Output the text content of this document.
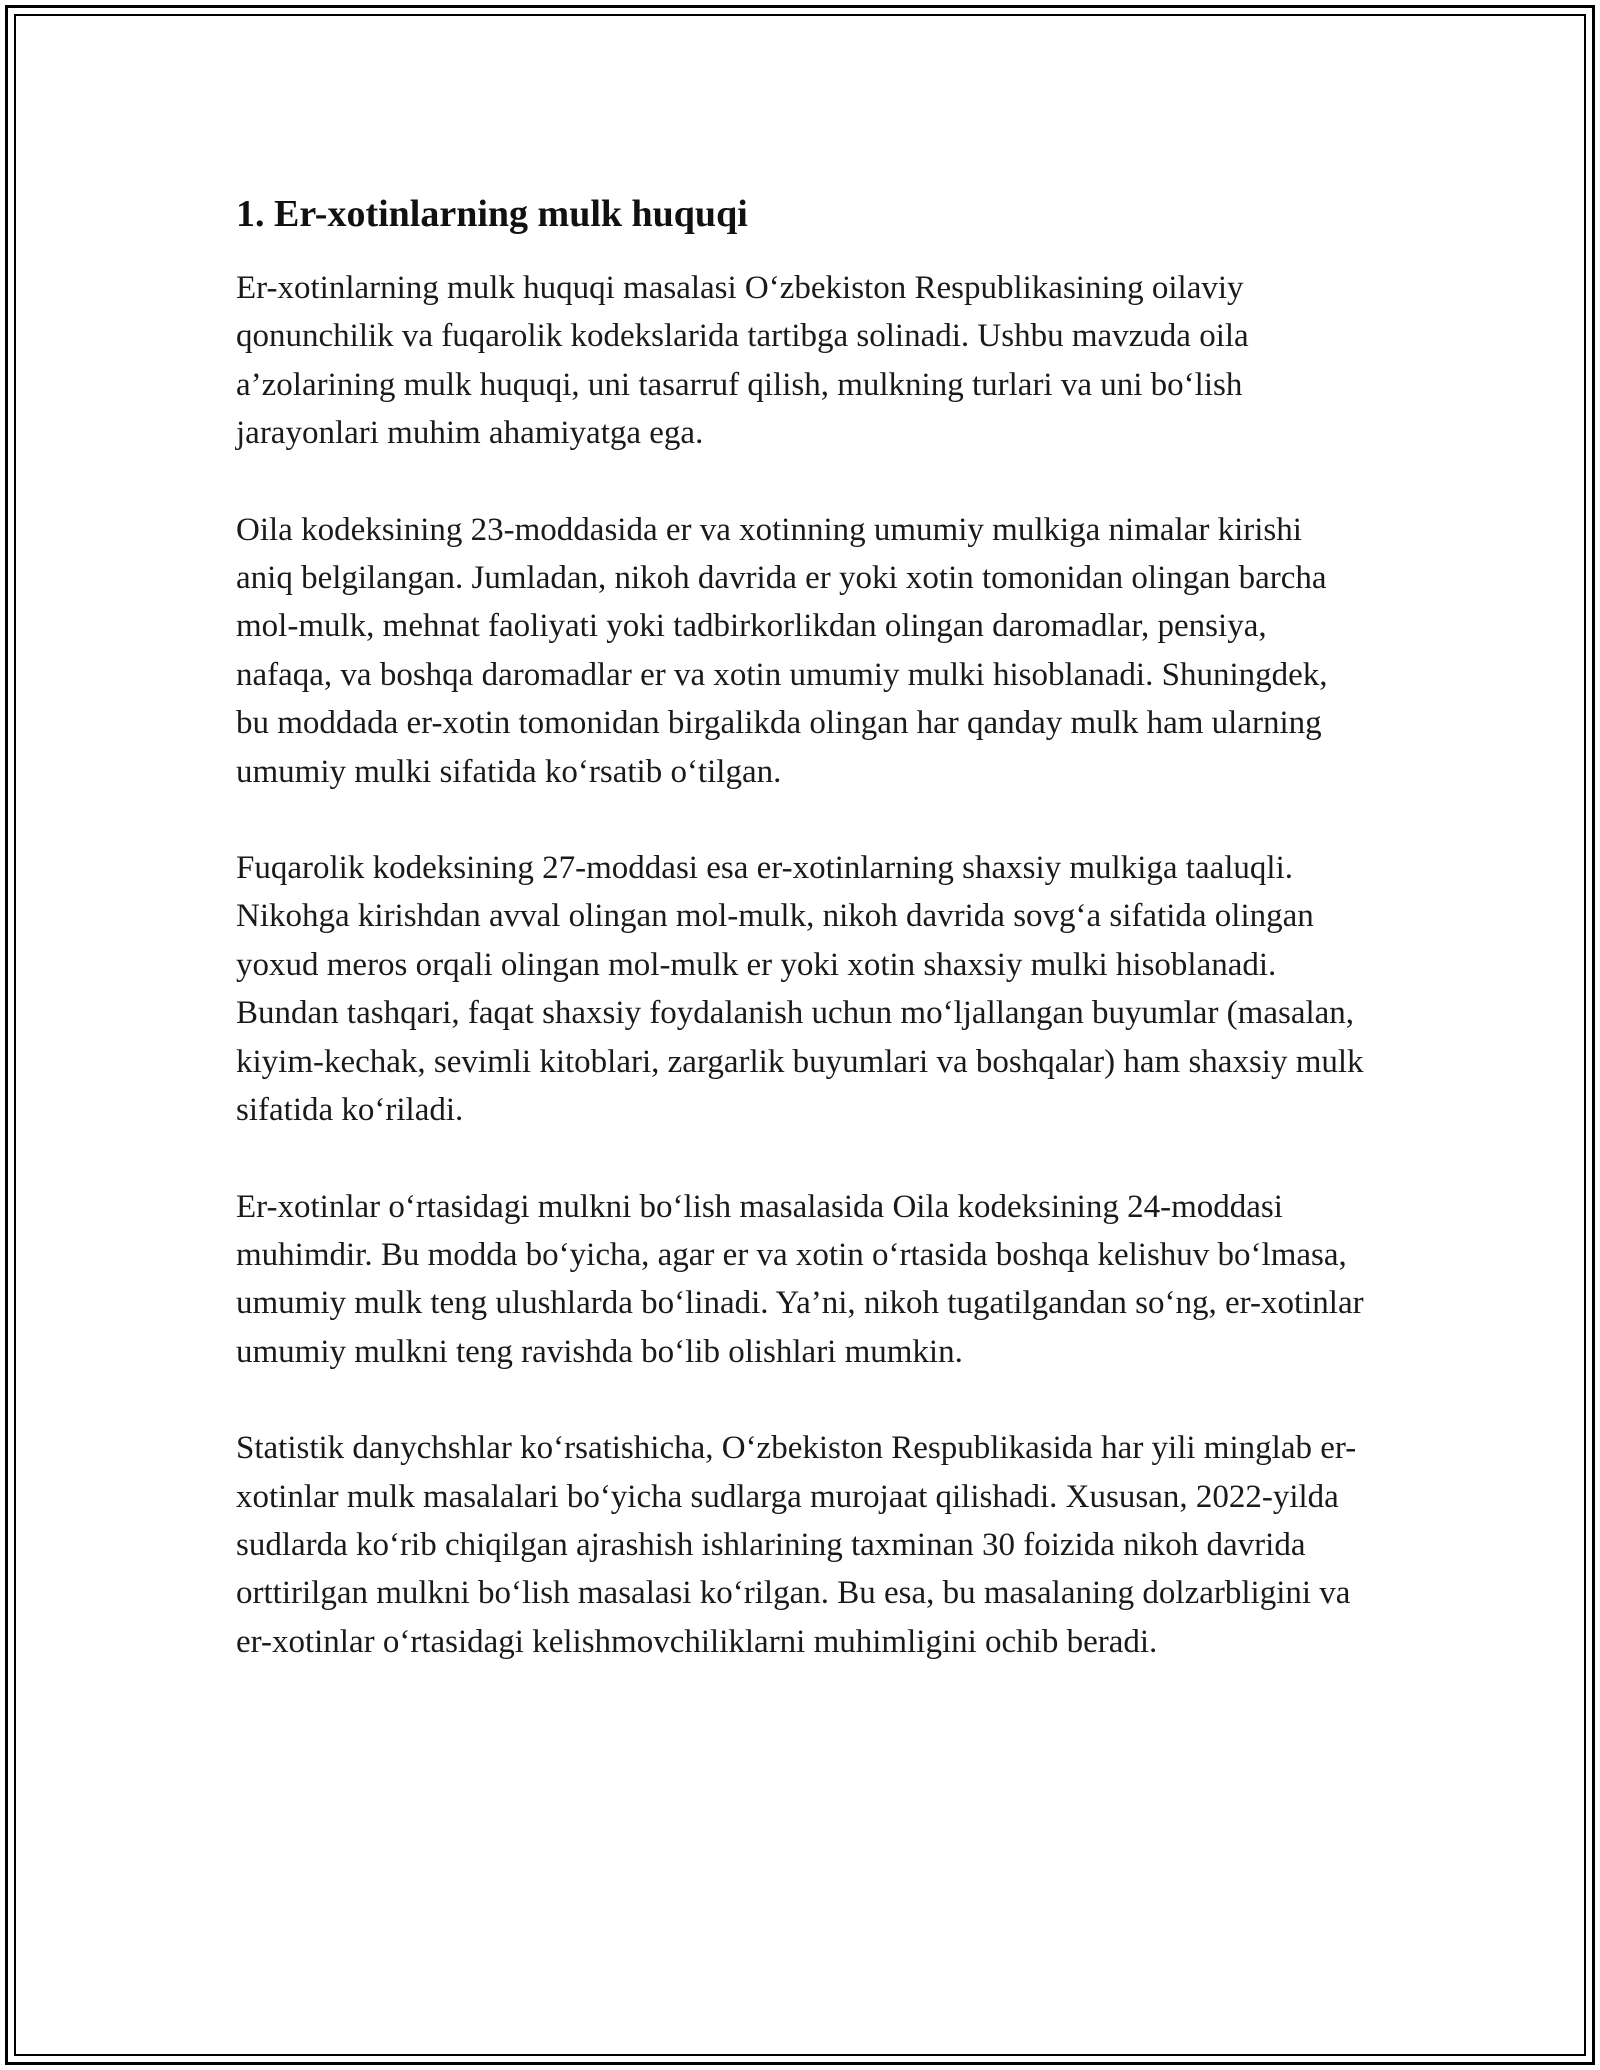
1. Er-xotinlarning mulk huquqi

Er-xotinlarning mulk huquqi masalasi O‘zbekiston Respublikasining oilaviy qonunchilik va fuqarolik kodekslarida tartibga solinadi. Ushbu mavzuda oila a’zolarining mulk huquqi, uni tasarruf qilish, mulkning turlari va uni bo‘lish jarayonlari muhim ahamiyatga ega.

Oila kodeksining 23-moddasida er va xotinning umumiy mulkiga nimalar kirishi aniq belgilangan. Jumladan, nikoh davrida er yoki xotin tomonidan olingan barcha mol-mulk, mehnat faoliyati yoki tadbirkorlikdan olingan daromadlar, pensiya, nafaqa, va boshqa daromadlar er va xotin umumiy mulki hisoblanadi. Shuningdek, bu moddada er-xotin tomonidan birgalikda olingan har qanday mulk ham ularning umumiy mulki sifatida ko‘rsatib o‘tilgan.

Fuqarolik kodeksining 27-moddasi esa er-xotinlarning shaxsiy mulkiga taaluqli. Nikohga kirishdan avval olingan mol-mulk, nikoh davrida sovg‘a sifatida olingan yoxud meros orqali olingan mol-mulk er yoki xotin shaxsiy mulki hisoblanadi. Bundan tashqari, faqat shaxsiy foydalanish uchun mo‘ljallangan buyumlar (masalan, kiyim-kechak, sevimli kitoblari, zargarlik buyumlari va boshqalar) ham shaxsiy mulk sifatida ko‘riladi.

Er-xotinlar o‘rtasidagi mulkni bo‘lish masalasida Oila kodeksining 24-moddasi muhimdir. Bu modda bo‘yicha, agar er va xotin o‘rtasida boshqa kelishuv bo‘lmasa, umumiy mulk teng ulushlarda bo‘linadi. Ya’ni, nikoh tugatilgandan so‘ng, er-xotinlar umumiy mulkni teng ravishda bo‘lib olishlari mumkin.

Statistik danychshlar ko‘rsatishicha, O‘zbekiston Respublikasida har yili minglab er-xotinlar mulk masalalari bo‘yicha sudlarga murojaat qilishadi. Xususan, 2022-yilda sudlarda ko‘rib chiqilgan ajrashish ishlarining taxminan 30 foizida nikoh davrida orttirilgan mulkni bo‘lish masalasi ko‘rilgan. Bu esa, bu masalaning dolzarbligini va er-xotinlar o‘rtasidagi kelishmovchiliklarni muhimligini ochib beradi.
